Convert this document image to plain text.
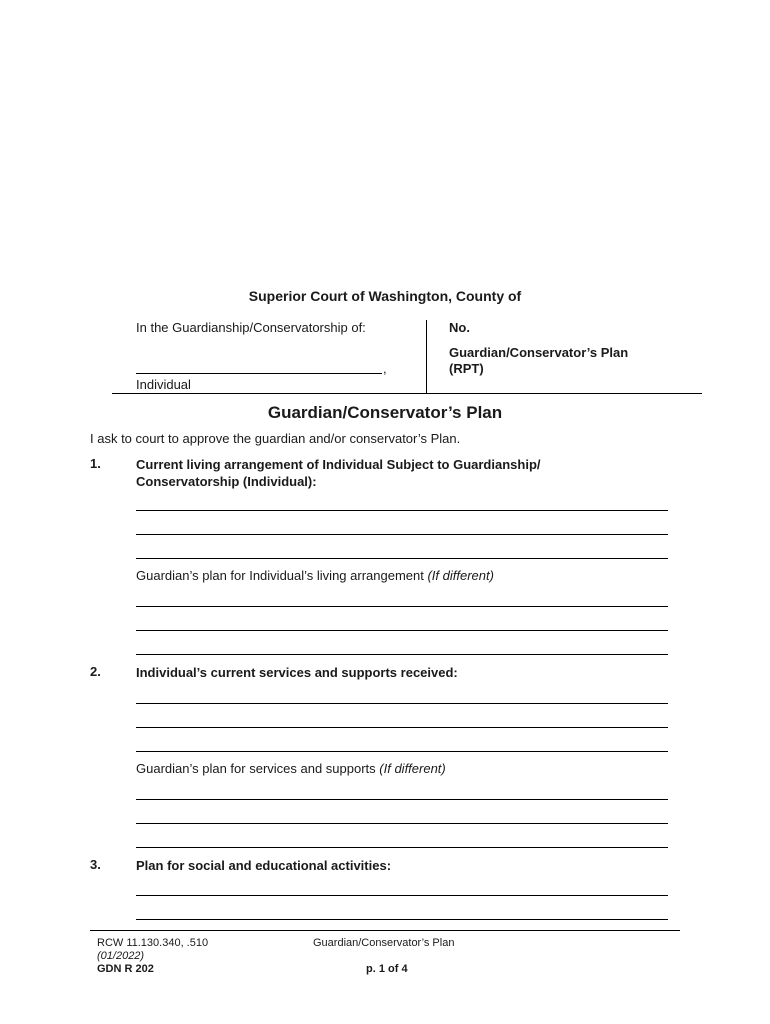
Superior Court of Washington, County of
In the Guardianship/Conservatorship of:
,
Individual
No.
Guardian/Conservator’s Plan
(RPT)
Guardian/Conservator’s Plan
I ask to court to approve the guardian and/or conservator’s Plan.
1.	Current living arrangement of Individual Subject to Guardianship/
Conservatorship (Individual):
Guardian’s plan for Individual’s living arrangement (If different)
2.	Individual’s current services and supports received:
Guardian’s plan for services and supports (If different)
3.	Plan for social and educational activities:
RCW 11.130.340, .510
(01/2022)
GDN R 202
Guardian/Conservator’s Plan
p. 1 of 4
